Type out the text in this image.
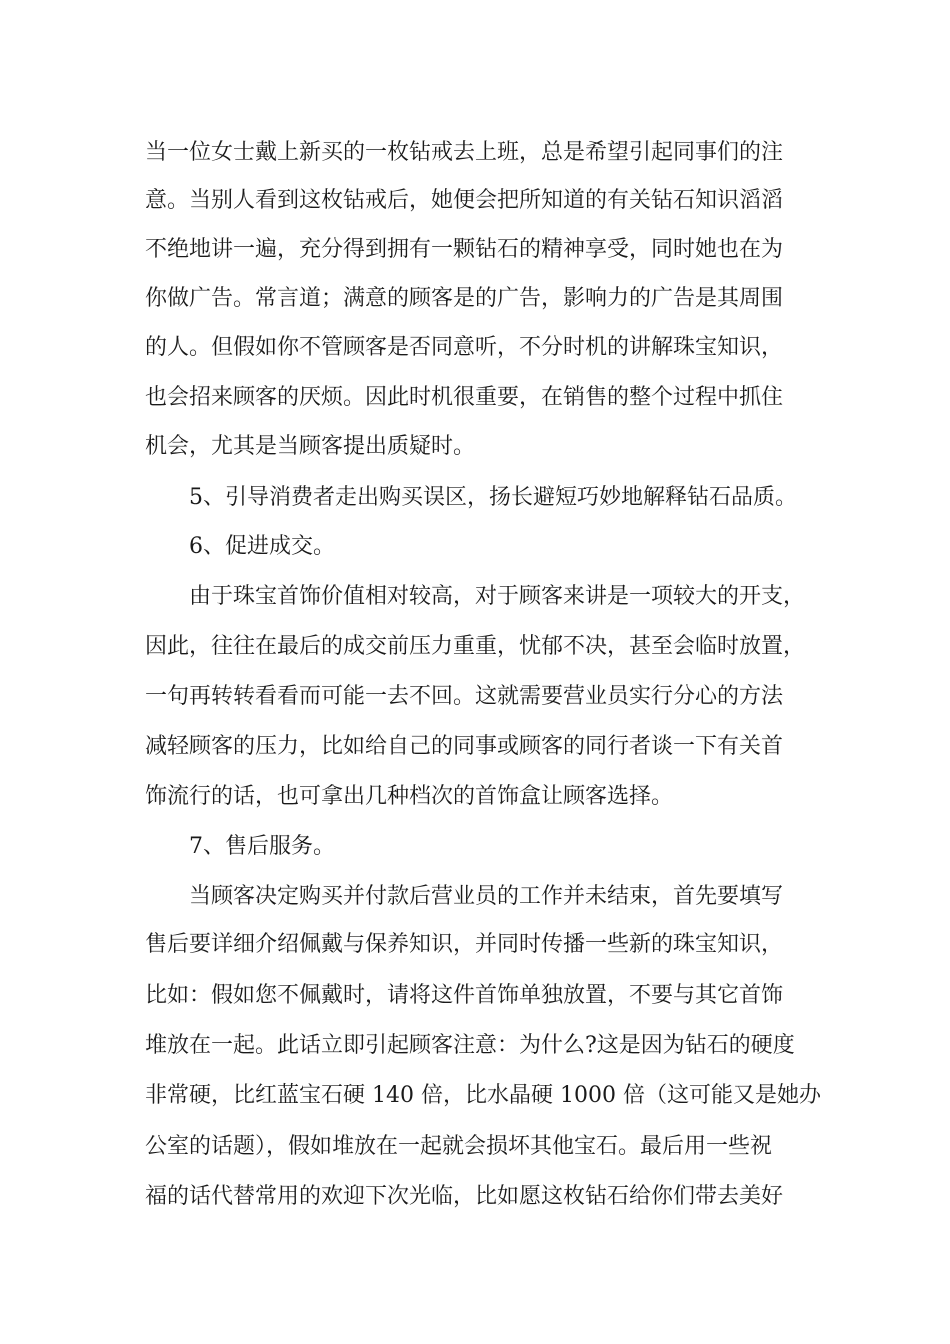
当一位女士戴上新买的一枚钻戒去上班，总是希望引起同事们的注
意。当别人看到这枚钻戒后，她便会把所知道的有关钻石知识滔滔
不绝地讲一遍，充分得到拥有一颗钻石的精神享受，同时她也在为
你做广告。常言道；满意的顾客是的广告，影响力的广告是其周围
的人。但假如你不管顾客是否同意听，不分时机的讲解珠宝知识，
也会招来顾客的厌烦。因此时机很重要，在销售的整个过程中抓住
机会，尤其是当顾客提出质疑时。
5、引导消费者走出购买误区，扬长避短巧妙地解释钻石品质。
6、促进成交。
由于珠宝首饰价值相对较高，对于顾客来讲是一项较大的开支，
因此，往往在最后的成交前压力重重，忧郁不决，甚至会临时放置，
一句再转转看看而可能一去不回。这就需要营业员实行分心的方法
减轻顾客的压力，比如给自己的同事或顾客的同行者谈一下有关首
饰流行的话，也可拿出几种档次的首饰盒让顾客选择。
7、售后服务。
当顾客决定购买并付款后营业员的工作并未结束，首先要填写
售后要详细介绍佩戴与保养知识，并同时传播一些新的珠宝知识，
比如：假如您不佩戴时，请将这件首饰单独放置，不要与其它首饰
堆放在一起。此话立即引起顾客注意：为什么?这是因为钻石的硬度
非常硬，比红蓝宝石硬 140 倍，比水晶硬 1000 倍（这可能又是她办
公室的话题），假如堆放在一起就会损坏其他宝石。最后用一些祝
福的话代替常用的欢迎下次光临，比如愿这枚钻石给你们带去美好
